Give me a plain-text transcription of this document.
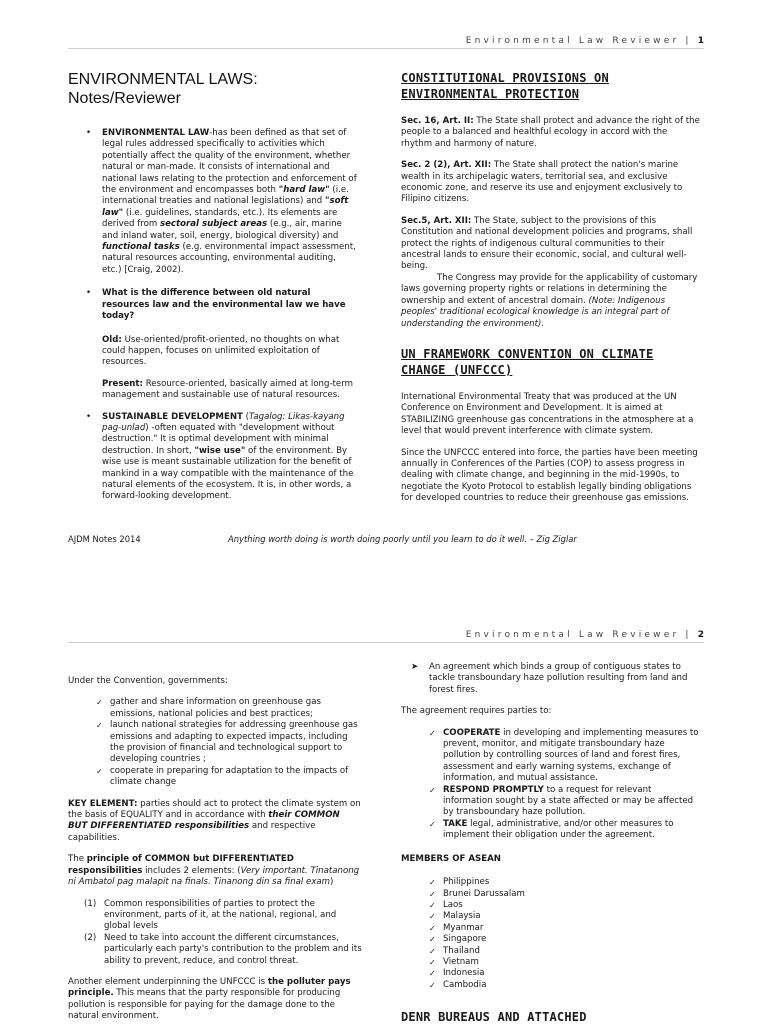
Environmental Law Reviewer | 1
ENVIRONMENTAL LAWS:
Notes/Reviewer
• ENVIRONMENTAL LAW-has been defined as that set of legal rules addressed specifically to activities which potentially affect the quality of the environment, whether natural or man-made. It consists of international and national laws relating to the protection and enforcement of the environment and encompasses both "hard law" (i.e. international treaties and national legislations) and "soft law" (i.e. guidelines, standards, etc.). Its elements are derived from sectoral subject areas (e.g., air, marine and inland water, soil, energy, biological diversity) and functional tasks (e.g. environmental impact assessment, natural resources accounting, environmental auditing, etc.) [Craig, 2002).
• What is the difference between old natural resources law and the environmental law we have today?

Old: Use-oriented/profit-oriented, no thoughts on what could happen, focuses on unlimited exploitation of resources.

Present: Resource-oriented, basically aimed at long-term management and sustainable use of natural resources.

• SUSTAINABLE DEVELOPMENT (Tagalog: Likas-kayang pag-unlad) -often equated with "development without destruction." It is optimal development with minimal destruction. In short, "wise use" of the environment. By wise use is meant sustainable utilization for the benefit of mankind in a way compatible with the maintenance of the natural elements of the ecosystem. It is, in other words, a forward-looking development.
CONSTITUTIONAL PROVISIONS ON ENVIRONMENTAL PROTECTION

Sec. 16, Art. II: The State shall protect and advance the right of the people to a balanced and healthful ecology in accord with the rhythm and harmony of nature.

Sec. 2 (2), Art. XII: The State shall protect the nation's marine wealth in its archipelagic waters, territorial sea, and exclusive economic zone, and reserve its use and enjoyment exclusively to Filipino citizens.

Sec.5, Art. XII: The State, subject to the provisions of this Constitution and national development policies and programs, shall protect the rights of indigenous cultural communities to their ancestral lands to ensure their economic, social, and cultural well-being.

The Congress may provide for the applicability of customary laws governing property rights or relations in determining the ownership and extent of ancestral domain. (Note: Indigenous peoples' traditional ecological knowledge is an integral part of understanding the environment).

UN FRAMEWORK CONVENTION ON CLIMATE CHANGE (UNFCCC)

International Environmental Treaty that was produced at the UN Conference on Environment and Development. It is aimed at STABILIZING greenhouse gas concentrations in the atmosphere at a level that would prevent interference with climate system.

Since the UNFCCC entered into force, the parties have been meeting annually in Conferences of the Parties (COP) to assess progress in dealing with climate change, and beginning in the mid-1990s, to negotiate the Kyoto Protocol to establish legally binding obligations for developed countries to reduce their greenhouse gas emissions.

AJDM Notes 2014	Anything worth doing is worth doing poorly until you learn to do it well. – Zig Ziglar
Environmental Law Reviewer | 2

Under the Convention, governments:

✓ gather and share information on greenhouse gas emissions, national policies and best practices;
✓ launch national strategies for addressing greenhouse gas emissions and adapting to expected impacts, including the provision of financial and technological support to developing countries ;
✓ cooperate in preparing for adaptation to the impacts of climate change

KEY ELEMENT: parties should act to protect the climate system on the basis of EQUALITY and in accordance with their COMMON BUT DIFFERENTIATED responsibilities and respective capabilities.

The principle of COMMON but DIFFERENTIATED responsibilities includes 2 elements: (Very important. Tinatanong ni Ambatol pag malapit na finals. Tinanong din sa final exam)

(1) Common responsibilities of parties to protect the environment, parts of it, at the national, regional, and global levels
(2) Need to take into account the different circumstances, particularly each party's contribution to the problem and its ability to prevent, reduce, and control threat.

Another element underpinning the UNFCCC is the polluter pays principle. This means that the party responsible for producing pollution is responsible for paying for the damage done to the natural environment.

➤ An agreement which binds a group of contiguous states to tackle transboundary haze pollution resulting from land and forest fires.

The agreement requires parties to:

✓ COOPERATE in developing and implementing measures to prevent, monitor, and mitigate transboundary haze pollution by controlling sources of land and forest fires, assessment and early warning systems, exchange of information, and mutual assistance.
✓ RESPOND PROMPTLY to a request for relevant information sought by a state affected or may be affected by transboundary haze pollution.
✓ TAKE legal, administrative, and/or other measures to implement their obligation under the agreement.

MEMBERS OF ASEAN

✓ Philippines
✓ Brunei Darussalam
✓ Laos
✓ Malaysia
✓ Myanmar
✓ Singapore
✓ Thailand
✓ Vietnam
✓ Indonesia
✓ Cambodia
DENR BUREAUS AND ATTACHED
